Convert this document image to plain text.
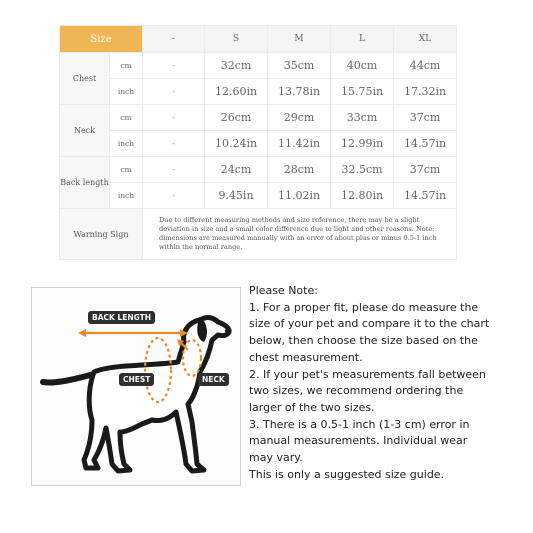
Size		-	S	M	L	XL
Chest	cm	-	32cm	35cm	40cm	44cm
	inch	-	12.60in	13.78in	15.75in	17.32in
Neck	cm	-	26cm	29cm	33cm	37cm
	inch	-	10.24in	11.42in	12.99in	14.57in
Back length	cm	-	24cm	28cm	32.5cm	37cm
	inch	-	9.45in	11.02in	12.80in	14.57in
Warning Sign		Due to different measuring methods and size reference, there may be a slight deviation in size and a small color difference due to light and other reasons. Note: dimensions are measured manually with an error of about plus or minus 0.5-1 inch within the normal range.				
BACK LENGTH
CHEST	NECK

Please Note:

1. For a proper fit, please do measure the

size of your pet and compare it to the chart

below, then choose the size based on the

chest measurement.

2. If your pet's measurements fall between

two sizes, we recommend ordering the

larger of the two sizes.

3. There is a 0.5-1 inch (1-3 cm) error in

manual measurements. Individual wear

may vary.

This is only a suggested size guide.
